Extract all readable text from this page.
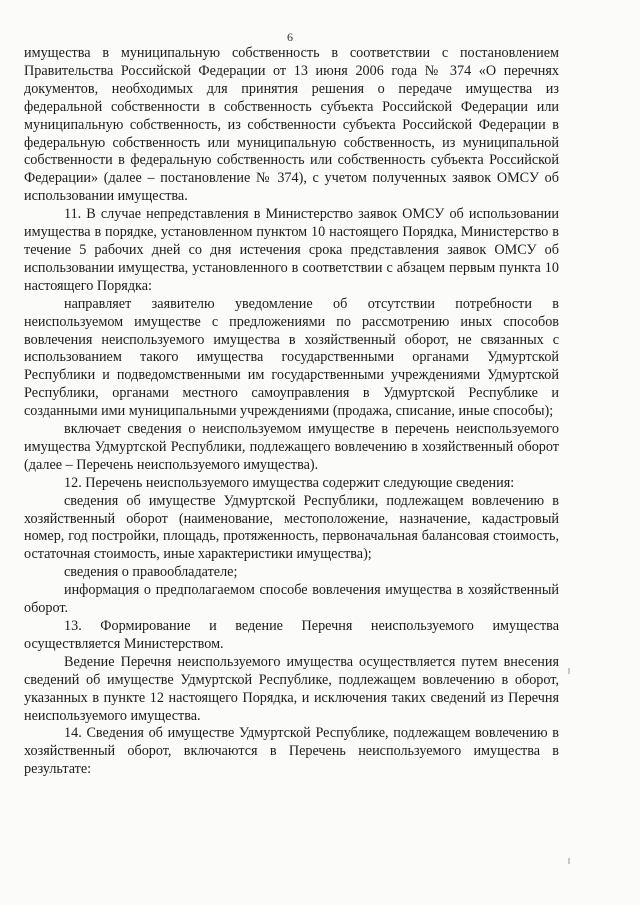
6

имущества в муниципальную собственность в соответствии с постановлением Правительства Российской Федерации от 13 июня 2006 года № 374 «О перечнях документов, необходимых для принятия решения о передаче имущества из федеральной собственности в собственность субъекта Российской Федерации или муниципальную собственность, из собственности субъекта Российской Федерации в федеральную собственность или муниципальную собственность, из муниципальной собственности в федеральную собственность или собственность субъекта Российской Федерации» (далее – постановление № 374), с учетом полученных заявок ОМСУ об использовании имущества.

11. В случае непредставления в Министерство заявок ОМСУ об использовании имущества в порядке, установленном пунктом 10 настоящего Порядка, Министерство в течение 5 рабочих дней со дня истечения срока представления заявок ОМСУ об использовании имущества, установленного в соответствии с абзацем первым пункта 10 настоящего Порядка:

направляет заявителю уведомление об отсутствии потребности в неиспользуемом имуществе с предложениями по рассмотрению иных способов вовлечения неиспользуемого имущества в хозяйственный оборот, не связанных с использованием такого имущества государственными органами Удмуртской Республики и подведомственными им государственными учреждениями Удмуртской Республики, органами местного самоуправления в Удмуртской Республике и созданными ими муниципальными учреждениями (продажа, списание, иные способы);

включает сведения о неиспользуемом имуществе в перечень неиспользуемого имущества Удмуртской Республики, подлежащего вовлечению в хозяйственный оборот (далее – Перечень неиспользуемого имущества).

12. Перечень неиспользуемого имущества содержит следующие сведения:

сведения об имуществе Удмуртской Республики, подлежащем вовлечению в хозяйственный оборот (наименование, местоположение, назначение, кадастровый номер, год постройки, площадь, протяженность, первоначальная балансовая стоимость, остаточная стоимость, иные характеристики имущества);

сведения о правообладателе;

информация о предполагаемом способе вовлечения имущества в хозяйственный оборот.

13. Формирование и ведение Перечня неиспользуемого имущества осуществляется Министерством.

Ведение Перечня неиспользуемого имущества осуществляется путем внесения сведений об имуществе Удмуртской Республике, подлежащем вовлечению в оборот, указанных в пункте 12 настоящего Порядка, и исключения таких сведений из Перечня неиспользуемого имущества.

14. Сведения об имуществе Удмуртской Республике, подлежащем вовлечению в хозяйственный оборот, включаются в Перечень неиспользуемого имущества в результате:
